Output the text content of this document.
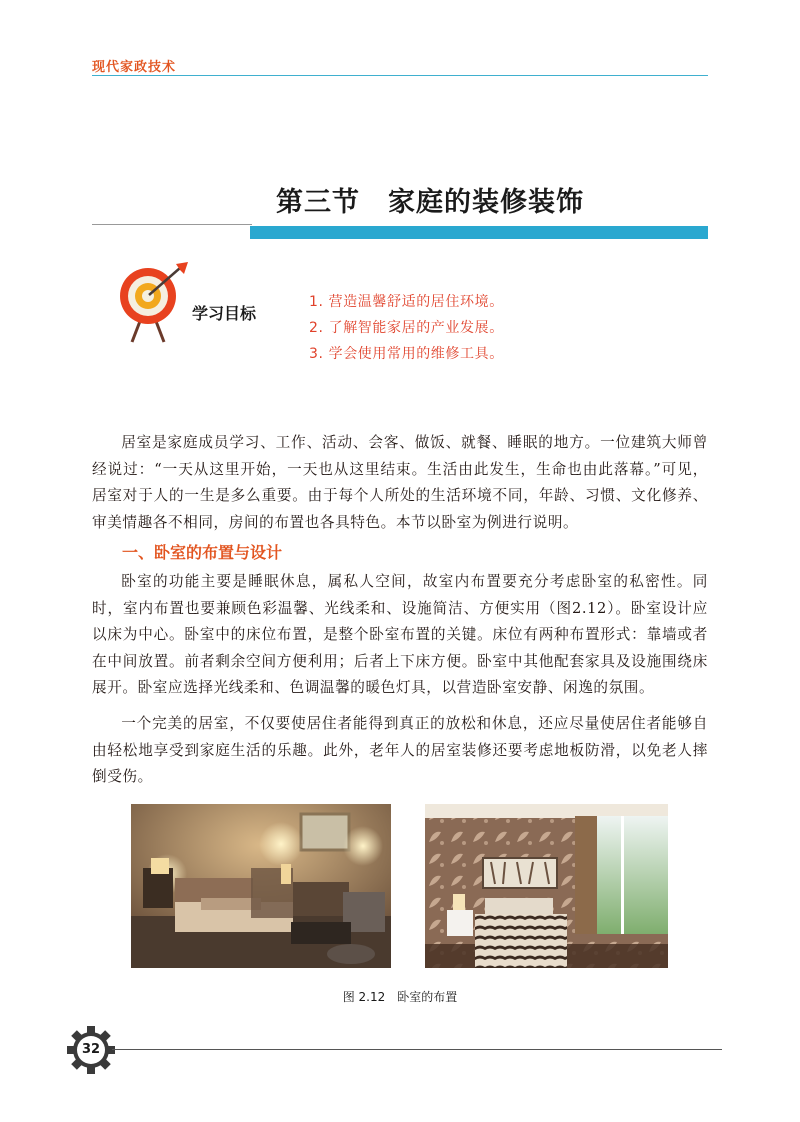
现代家政技术
第三节　家庭的装修装饰
学习目标
1. 营造温馨舒适的居住环境。
2. 了解智能家居的产业发展。
3. 学会使用常用的维修工具。

居室是家庭成员学习、工作、活动、会客、做饭、就餐、睡眠的地方。一位建筑大师曾经说过：“一天从这里开始，一天也从这里结束。生活由此发生，生命也由此落幕。”可见，居室对于人的一生是多么重要。由于每个人所处的生活环境不同，年龄、习惯、文化修养、审美情趣各不相同，房间的布置也各具特色。本节以卧室为例进行说明。

一、卧室的布置与设计

卧室的功能主要是睡眠休息，属私人空间，故室内布置要充分考虑卧室的私密性。同时，室内布置也要兼顾色彩温馨、光线柔和、设施简洁、方便实用（图2.12）。卧室设计应以床为中心。卧室中的床位布置，是整个卧室布置的关键。床位有两种布置形式：靠墙或者在中间放置。前者剩余空间方便利用；后者上下床方便。卧室中其他配套家具及设施围绕床展开。卧室应选择光线柔和、色调温馨的暖色灯具，以营造卧室安静、闲逸的氛围。

一个完美的居室，不仅要使居住者能得到真正的放松和休息，还应尽量使居住者能够自由轻松地享受到家庭生活的乐趣。此外，老年人的居室装修还要考虑地板防滑，以免老人摔倒受伤。

图 2.12　卧室的布置
32
